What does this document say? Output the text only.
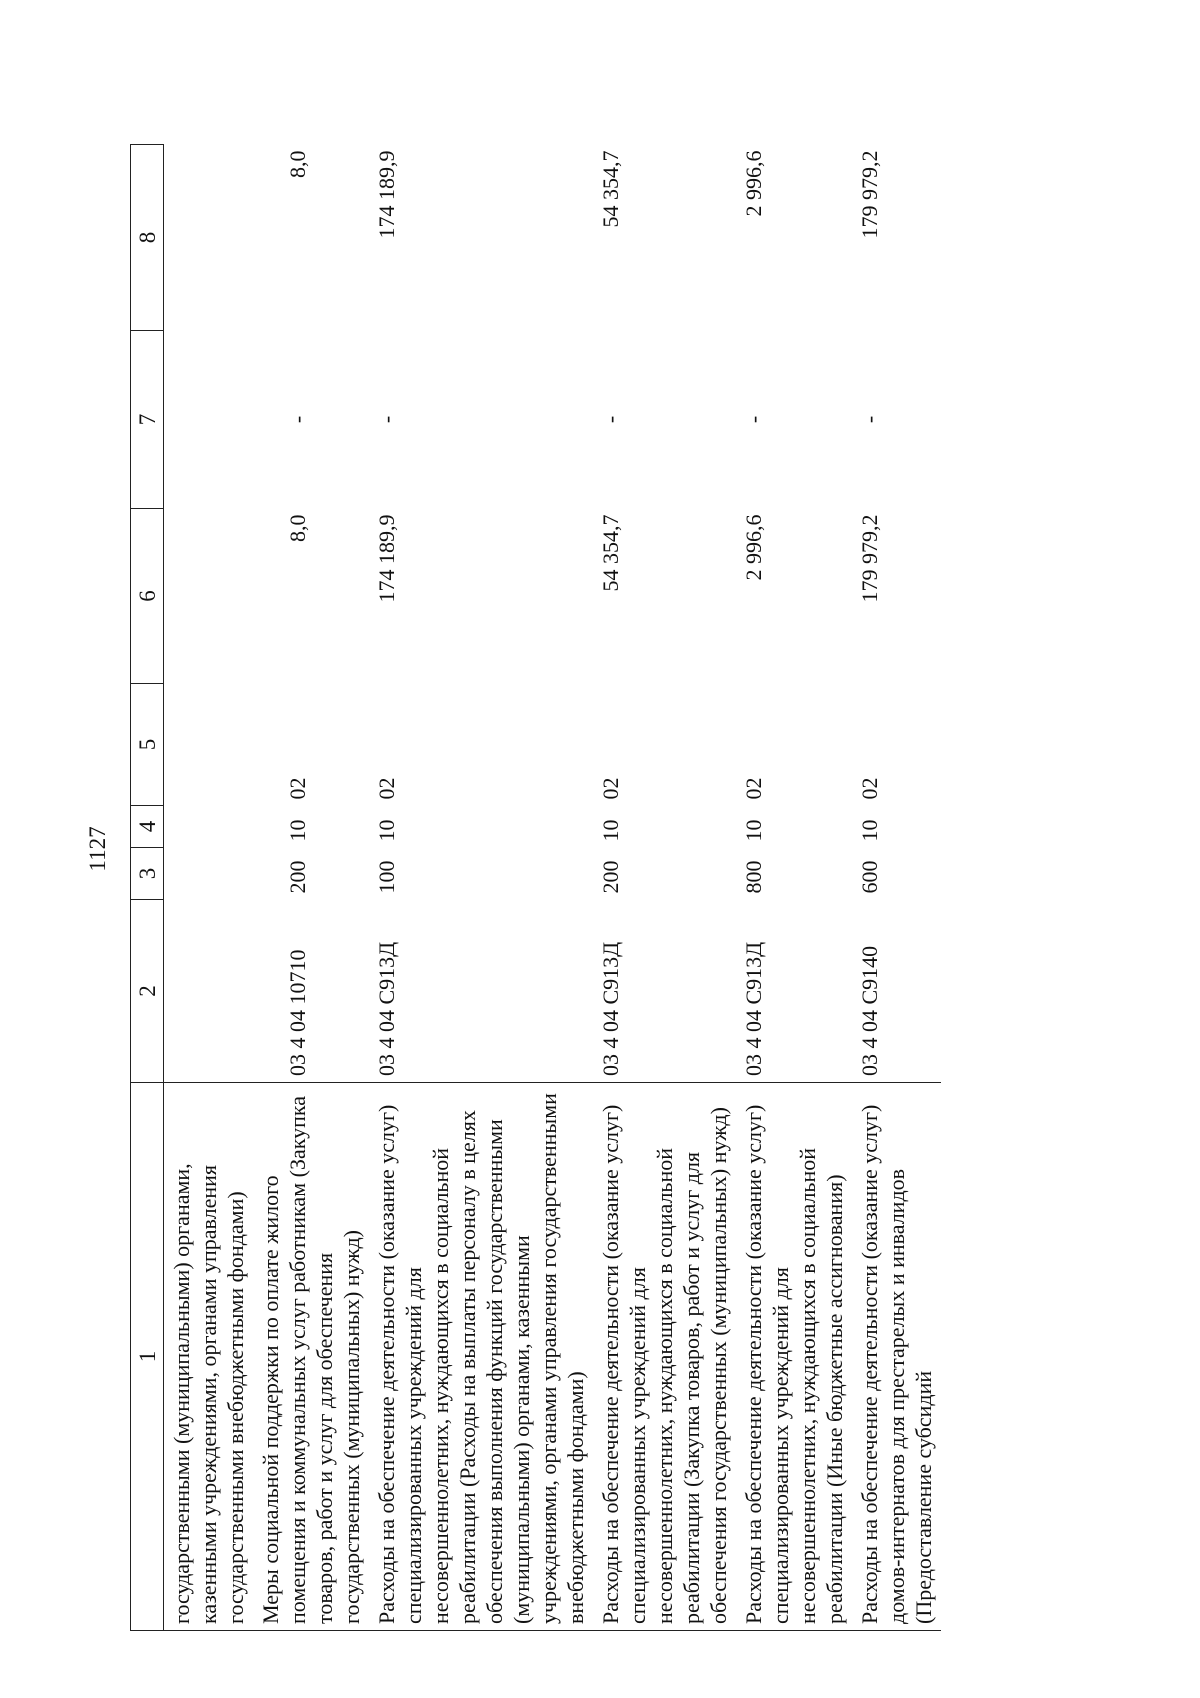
1127
1	2	3	4	5	6	7	8
государственными (муниципальными) органами, казенными учреждениями, органами управления государственными внебюджетными фондами)							
Меры социальной поддержки по оплате жилого помещения и коммунальных услуг работникам (Закупка товаров, работ и услуг для обеспечения государственных (муниципальных) нужд)	03 4 04 10710	200	10	02	8,0	-	8,0
Расходы на обеспечение деятельности (оказание услуг) специализированных учреждений для несовершеннолетних, нуждающихся в социальной реабилитации (Расходы на выплаты персоналу в целях обеспечения выполнения функций государственными (муниципальными) органами, казенными учреждениями, органами управления государственными внебюджетными фондами)	03 4 04 С913Д	100	10	02	174 189,9	-	174 189,9
Расходы на обеспечение деятельности (оказание услуг) специализированных учреждений для несовершеннолетних, нуждающихся в социальной реабилитации (Закупка товаров, работ и услуг для обеспечения государственных (муниципальных) нужд)	03 4 04 С913Д	200	10	02	54 354,7	-	54 354,7
Расходы на обеспечение деятельности (оказание услуг) специализированных учреждений для несовершеннолетних, нуждающихся в социальной реабилитации (Иные бюджетные ассигнования)	03 4 04 С913Д	800	10	02	2 996,6	-	2 996,6
Расходы на обеспечение деятельности (оказание услуг) домов-интернатов для престарелых и инвалидов (Предоставление субсидий	03 4 04 С9140	600	10	02	179 979,2	-	179 979,2
